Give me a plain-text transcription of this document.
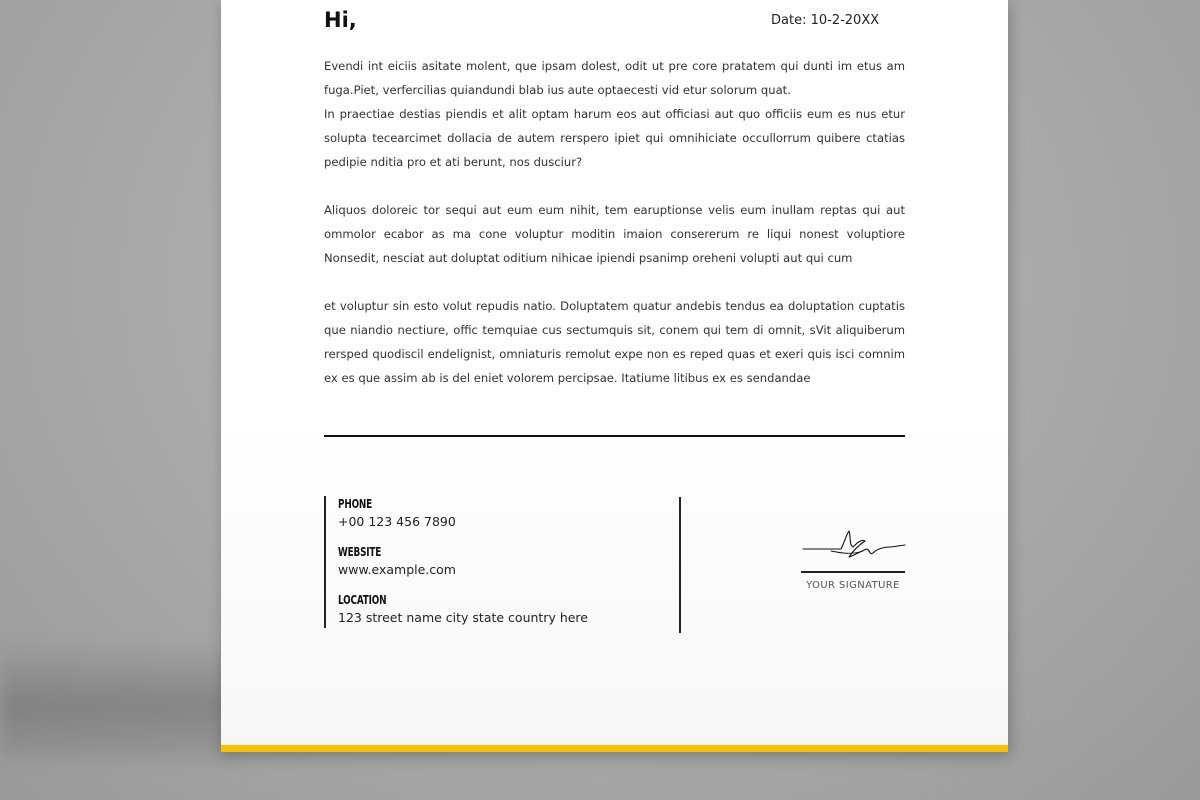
Hi,	Date: 10-2-20XX

Evendi int eiciis asitate molent, que ipsam dolest, odit ut pre core pratatem qui dunti im etus am fuga.Piet, verfercilias quiandundi blab ius aute optaecesti vid etur solorum quat.

In praectiae destias piendis et alit optam harum eos aut officiasi aut quo officiis eum es nus etur solupta tecearcimet dollacia de autem rerspero ipiet qui omnihiciate occullorrum quibere ctatias pedipie nditia pro et ati berunt, nos dusciur?

Aliquos doloreic tor sequi aut eum eum nihit, tem earuptionse velis eum inullam reptas qui aut ommolor ecabor as ma cone voluptur moditin imaion consererum re liqui nonest voluptiore Nonsedit, nesciat aut doluptat oditium nihicae ipiendi psanimp oreheni volupti aut qui cum

et voluptur sin esto volut repudis natio. Doluptatem quatur andebis tendus ea doluptation cuptatis que niandio nectiure, offic temquiae cus sectumquis sit, conem qui tem di omnit, sVit aliquiberum rersped quodiscil endelignist, omniaturis remolut expe non es reped quas et exeri quis isci comnim ex es que assim ab is del eniet volorem percipsae. Itatiume litibus ex es sendandae

PHONE
+00 123 456 7890
WEBSITE
www.example.com
LOCATION
123 street name city state country here
YOUR SIGNATURE
